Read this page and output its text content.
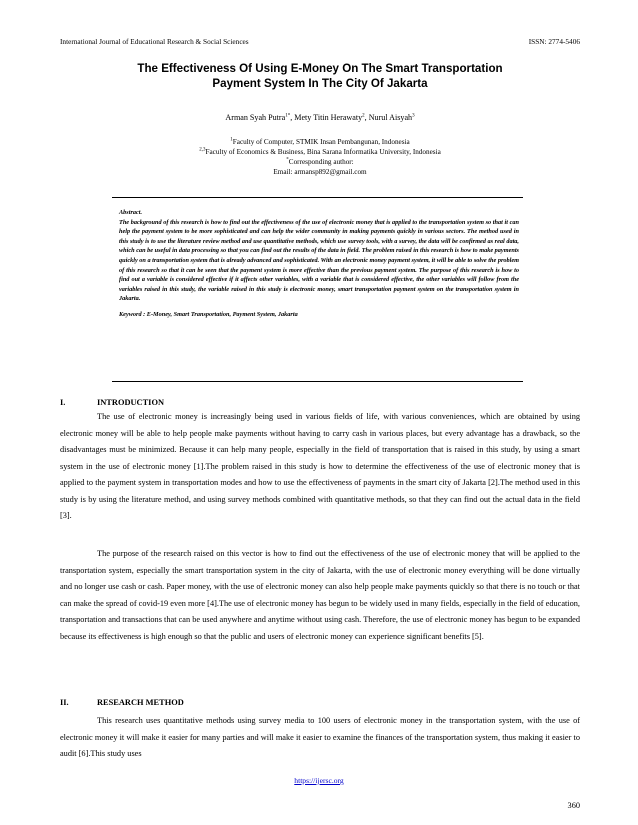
International Journal of Educational Research & Social Sciences	ISSN: 2774-5406
The Effectiveness Of Using E-Money On The Smart Transportation
Payment System In The City Of Jakarta
Arman Syah Putra$^{1*}$, Mety Titin Herawaty$^2$, Nurul Aisyah$^3$
$^1$Faculty of Computer, STMIK Insan Pembangunan, Indonesia
$^{2,3}$Faculty of Economics & Business, Bina Sarana Informatika University, Indonesia
*Corresponding author:
Email: armansp892@gmail.com
Abstract.
The background of this research is how to find out the effectiveness of the use of electronic money that is applied to the transportation system so that it can help the payment system to be more sophisticated and can help the wider community in making payments quickly in various sectors. The method used in this study is to use the literature review method and use quantitative methods, which use survey tools, with a survey, the data will be confirmed as real data, which can be useful in data processing so that you can find out the results of the data in field. The problem raised in this research is how to make payments quickly on a transportation system that is already advanced and sophisticated. With an electronic money payment system, it will be able to solve the problem of this research so that it can be seen that the payment system is more effective than the previous payment system. The purpose of this research is how to find out a variable is considered effective if it affects other variables, with a variable that is considered effective, the other variables will follow from the variables raised in this study, the variable raised in this study is electronic money, smart transportation payment system on the transportation system in Jakarta.
Keyword : E-Money, Smart Transportation, Payment System, Jakarta
I.	INTRODUCTION

The use of electronic money is increasingly being used in various fields of life, with various conveniences, which are obtained by using electronic money will be able to help people make payments without having to carry cash in various places, but every advantage has a drawback, so the disadvantages must be minimized. Because it can help many people, especially in the field of transportation that is raised in this study, by using a smart system in the use of electronic money [1].The problem raised in this study is how to determine the effectiveness of the use of electronic money that is applied to the payment system in transportation modes and how to use the effectiveness of payments in the smart city of Jakarta [2].The method used in this study is by using the literature method, and using survey methods combined with quantitative methods, so that they can find out the actual data in the field [3].

The purpose of the research raised on this vector is how to find out the effectiveness of the use of electronic money that will be applied to the transportation system, especially the smart transportation system in the city of Jakarta, with the use of electronic money everything will be done virtually and no longer use cash or cash. Paper money, with the use of electronic money can also help people make payments quickly so that there is no touch or that can make the spread of covid-19 even more [4].The use of electronic money has begun to be widely used in many fields, especially in the field of education, transportation and transactions that can be used anywhere and anytime without using cash. Therefore, the use of electronic money has begun to be expanded because its effectiveness is high enough so that the public and users of electronic money can experience significant benefits [5].

II.	RESEARCH METHOD

This research uses quantitative methods using survey media to 100 users of electronic money in the transportation system, with the use of electronic money it will make it easier for many parties and will make it easier to examine the finances of the transportation system, thus making it easier to audit [6].This study uses

https://ijersc.org
360
